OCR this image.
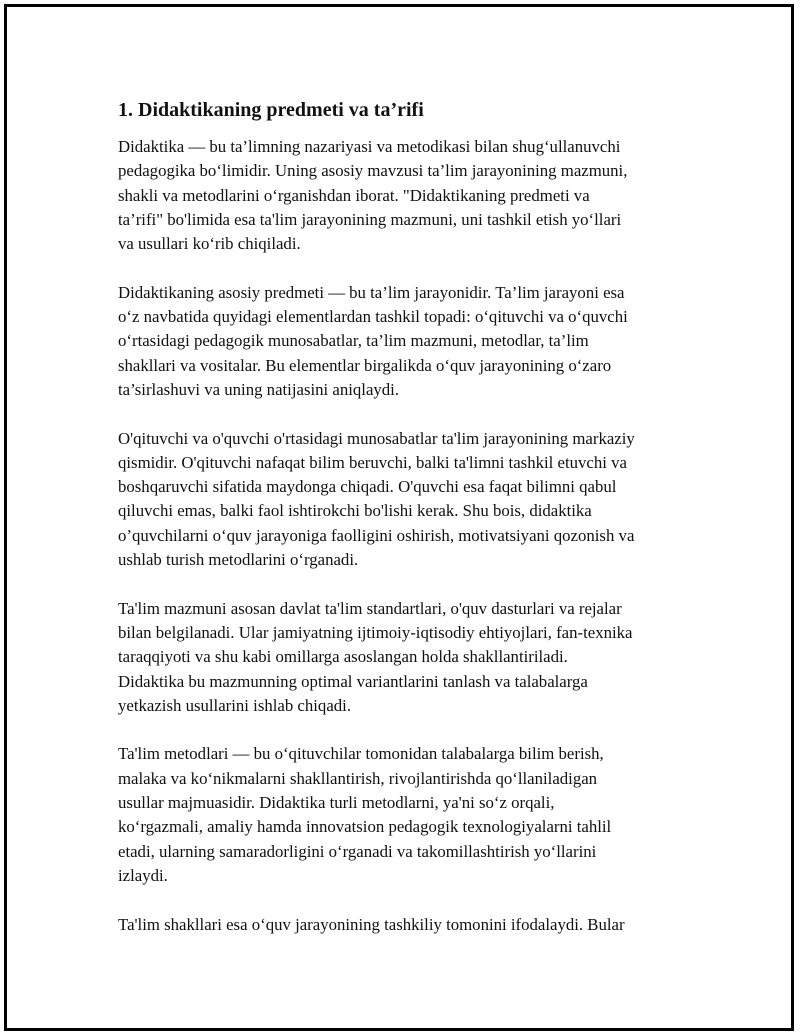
1. Didaktikaning predmeti va ta’rifi
Didaktika — bu ta’limning nazariyasi va metodikasi bilan shug‘ullanuvchi
pedagogika bo‘limidir. Uning asosiy mavzusi ta’lim jarayonining mazmuni,
shakli va metodlarini o‘rganishdan iborat. "Didaktikaning predmeti va
ta’rifi" bo'limida esa ta'lim jarayonining mazmuni, uni tashkil etish yo‘llari
va usullari ko‘rib chiqiladi.
Didaktikaning asosiy predmeti — bu ta’lim jarayonidir. Ta’lim jarayoni esa
o‘z navbatida quyidagi elementlardan tashkil topadi: o‘qituvchi va o‘quvchi
o‘rtasidagi pedagogik munosabatlar, ta’lim mazmuni, metodlar, ta’lim
shakllari va vositalar. Bu elementlar birgalikda o‘quv jarayonining o‘zaro
ta’sirlashuvi va uning natijasini aniqlaydi.
O'qituvchi va o'quvchi o'rtasidagi munosabatlar ta'lim jarayonining markaziy
qismidir. O'qituvchi nafaqat bilim beruvchi, balki ta'limni tashkil etuvchi va
boshqaruvchi sifatida maydonga chiqadi. O'quvchi esa faqat bilimni qabul
qiluvchi emas, balki faol ishtirokchi bo'lishi kerak. Shu bois, didaktika
o’quvchilarni o‘quv jarayoniga faolligini oshirish, motivatsiyani qozonish va
ushlab turish metodlarini o‘rganadi.
Ta'lim mazmuni asosan davlat ta'lim standartlari, o'quv dasturlari va rejalar
bilan belgilanadi. Ular jamiyatning ijtimoiy-iqtisodiy ehtiyojlari, fan-texnika
taraqqiyoti va shu kabi omillarga asoslangan holda shakllantiriladi.
Didaktika bu mazmunning optimal variantlarini tanlash va talabalarga
yetkazish usullarini ishlab chiqadi.
Ta'lim metodlari — bu o‘qituvchilar tomonidan talabalarga bilim berish,
malaka va ko‘nikmalarni shakllantirish, rivojlantirishda qo‘llaniladigan
usullar majmuasidir. Didaktika turli metodlarni, ya'ni so‘z orqali,
ko‘rgazmali, amaliy hamda innovatsion pedagogik texnologiyalarni tahlil
etadi, ularning samaradorligini o‘rganadi va takomillashtirish yo‘llarini
izlaydi.
Ta'lim shakllari esa o‘quv jarayonining tashkiliy tomonini ifodalaydi. Bular
